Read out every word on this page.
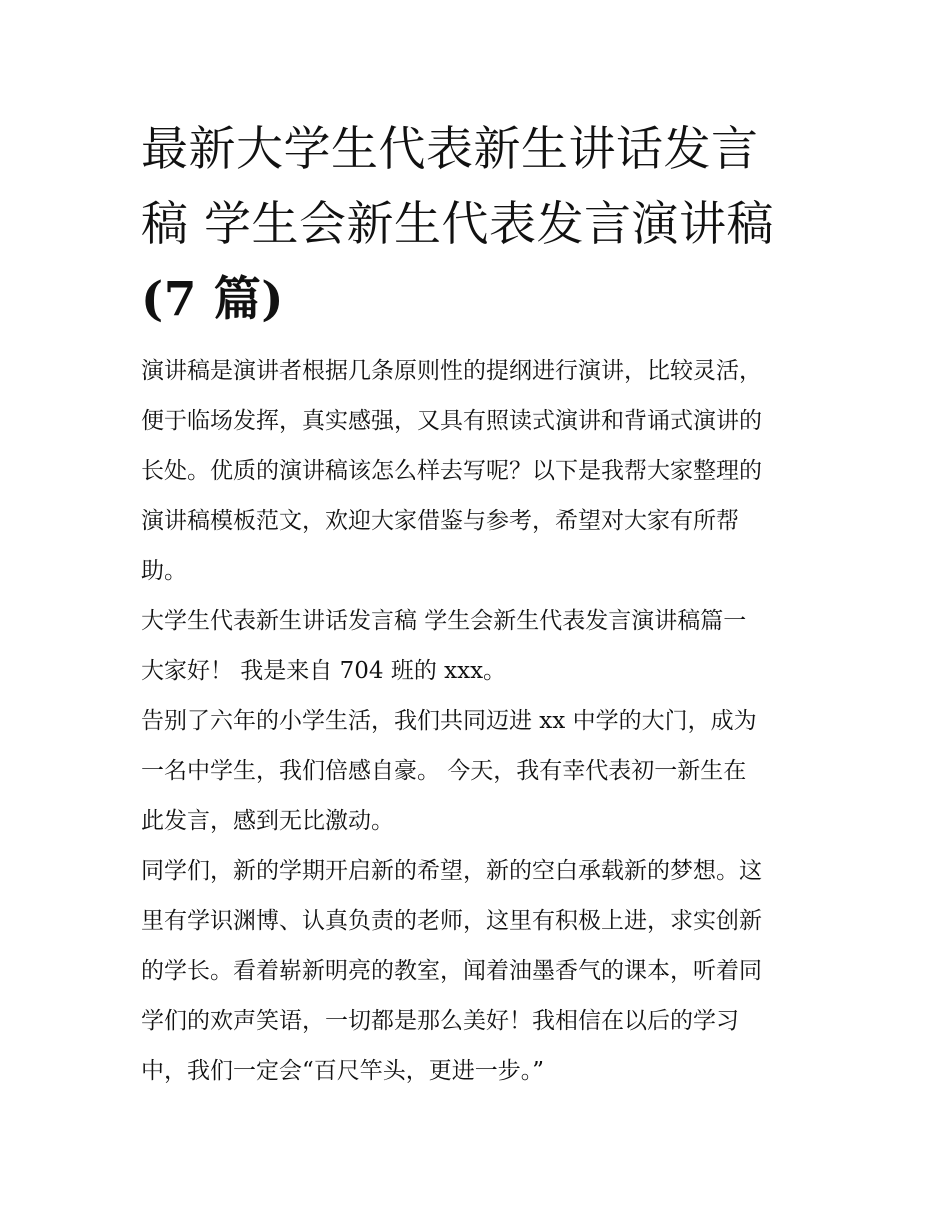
最新大学生代表新生讲话发言
稿 学生会新生代表发言演讲稿
(7 篇)

演讲稿是演讲者根据几条原则性的提纲进行演讲，比较灵活，
便于临场发挥，真实感强，又具有照读式演讲和背诵式演讲的
长处。优质的演讲稿该怎么样去写呢？以下是我帮大家整理的
演讲稿模板范文，欢迎大家借鉴与参考，希望对大家有所帮
助。

大学生代表新生讲话发言稿 学生会新生代表发言演讲稿篇一

大家好！ 我是来自 704 班的 xxx。

告别了六年的小学生活，我们共同迈进 xx 中学的大门，成为
一名中学生，我们倍感自豪。 今天，我有幸代表初一新生在
此发言，感到无比激动。

同学们，新的学期开启新的希望，新的空白承载新的梦想。这
里有学识渊博、认真负责的老师，这里有积极上进，求实创新
的学长。看着崭新明亮的教室，闻着油墨香气的课本，听着同
学们的欢声笑语，一切都是那么美好！我相信在以后的学习
中，我们一定会“百尺竿头，更进一步。”
